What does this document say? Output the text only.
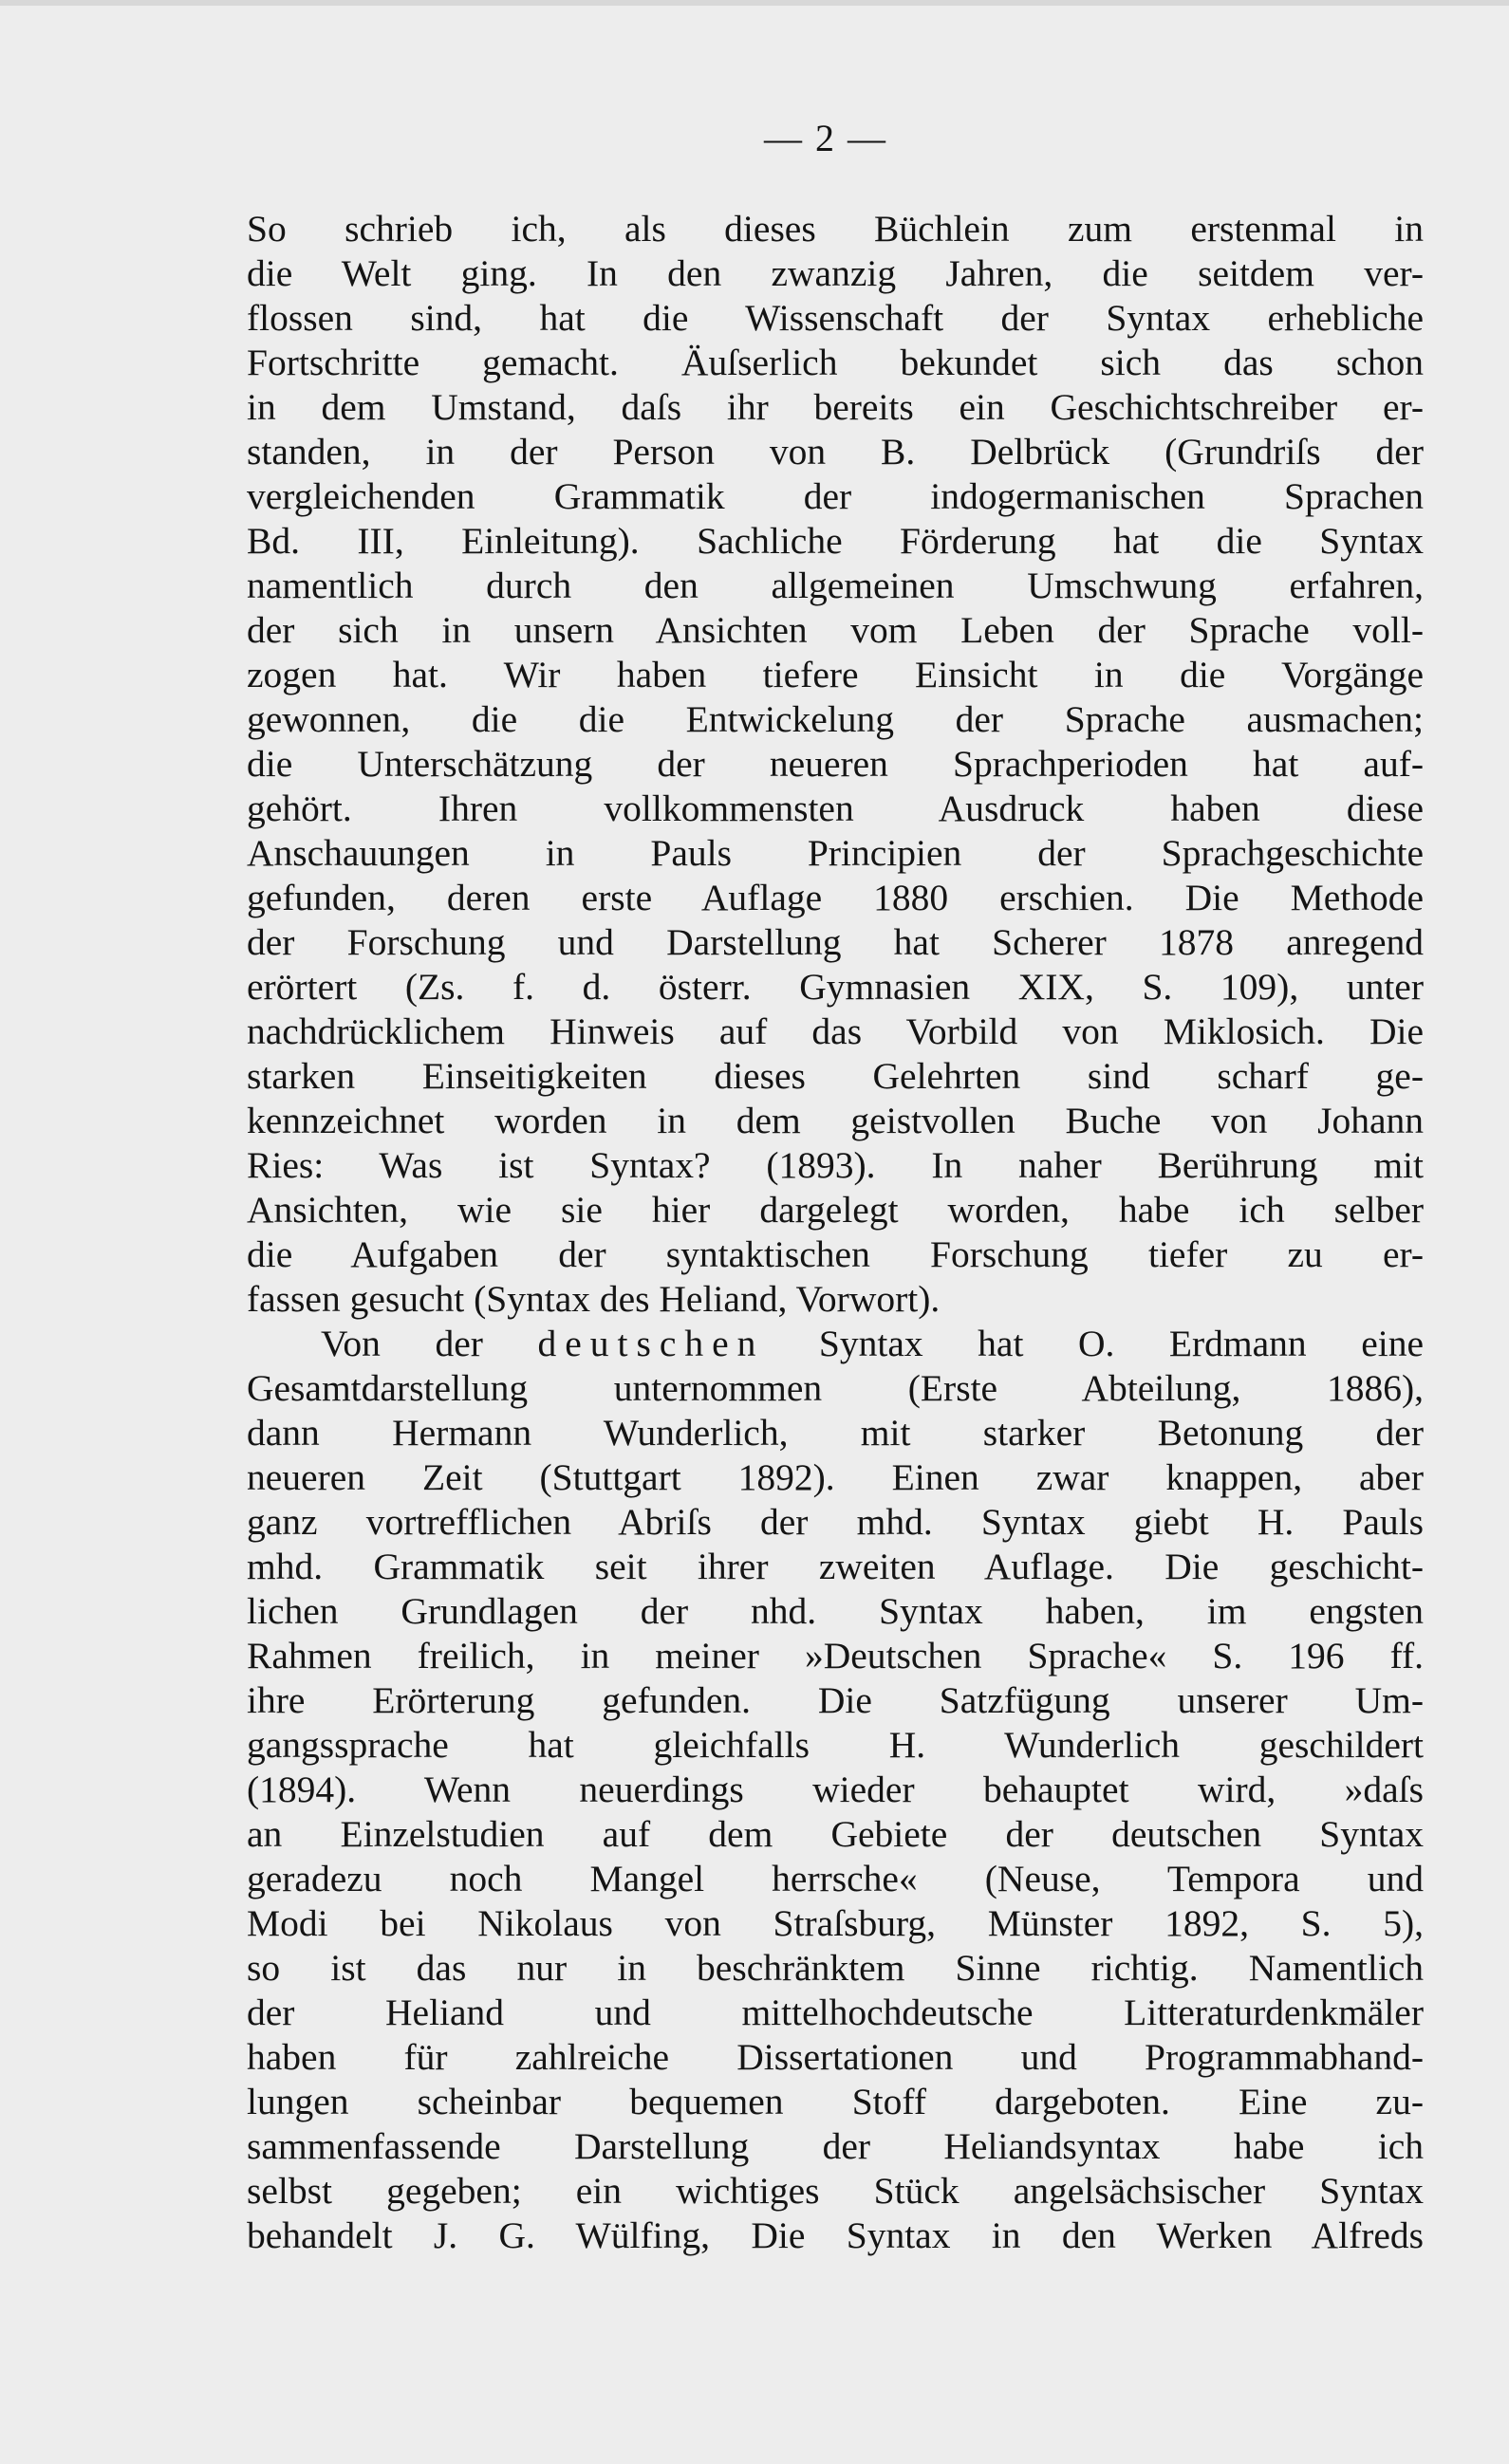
— 2 —
So schrieb ich, als dieses Büchlein zum erstenmal in
die Welt ging. In den zwanzig Jahren, die seitdem ver-
flossen sind, hat die Wissenschaft der Syntax erhebliche
Fortschritte gemacht. Äuſserlich bekundet sich das schon
in dem Umstand, daſs ihr bereits ein Geschichtschreiber er-
standen, in der Person von B. Delbrück (Grundriſs der
vergleichenden Grammatik der indogermanischen Sprachen
Bd. III, Einleitung). Sachliche Förderung hat die Syntax
namentlich durch den allgemeinen Umschwung erfahren,
der sich in unsern Ansichten vom Leben der Sprache voll-
zogen hat. Wir haben tiefere Einsicht in die Vorgänge
gewonnen, die die Entwickelung der Sprache ausmachen;
die Unterschätzung der neueren Sprachperioden hat auf-
gehört. Ihren vollkommensten Ausdruck haben diese
Anschauungen in Pauls Principien der Sprachgeschichte
gefunden, deren erste Auflage 1880 erschien. Die Methode
der Forschung und Darstellung hat Scherer 1878 anregend
erörtert (Zs. f. d. österr. Gymnasien XIX, S. 109), unter
nachdrücklichem Hinweis auf das Vorbild von Miklosich. Die
starken Einseitigkeiten dieses Gelehrten sind scharf ge-
kennzeichnet worden in dem geistvollen Buche von Johann
Ries: Was ist Syntax? (1893). In naher Berührung mit
Ansichten, wie sie hier dargelegt worden, habe ich selber
die Aufgaben der syntaktischen Forschung tiefer zu er-
fassen gesucht (Syntax des Heliand, Vorwort).
Von der deutschen Syntax hat O. Erdmann eine
Gesamtdarstellung unternommen (Erste Abteilung, 1886),
dann Hermann Wunderlich, mit starker Betonung der
neueren Zeit (Stuttgart 1892). Einen zwar knappen, aber
ganz vortrefflichen Abriſs der mhd. Syntax giebt H. Pauls
mhd. Grammatik seit ihrer zweiten Auflage. Die geschicht-
lichen Grundlagen der nhd. Syntax haben, im engsten
Rahmen freilich, in meiner »Deutschen Sprache« S. 196 ff.
ihre Erörterung gefunden. Die Satzfügung unserer Um-
gangssprache hat gleichfalls H. Wunderlich geschildert
(1894). Wenn neuerdings wieder behauptet wird, »daſs
an Einzelstudien auf dem Gebiete der deutschen Syntax
geradezu noch Mangel herrsche« (Neuse, Tempora und
Modi bei Nikolaus von Straſsburg, Münster 1892, S. 5),
so ist das nur in beschränktem Sinne richtig. Namentlich
der Heliand und mittelhochdeutsche Litteraturdenkmäler
haben für zahlreiche Dissertationen und Programmabhand-
lungen scheinbar bequemen Stoff dargeboten. Eine zu-
sammenfassende Darstellung der Heliandsyntax habe ich
selbst gegeben; ein wichtiges Stück angelsächsischer Syntax
behandelt J. G. Wülfing, Die Syntax in den Werken Alfreds
